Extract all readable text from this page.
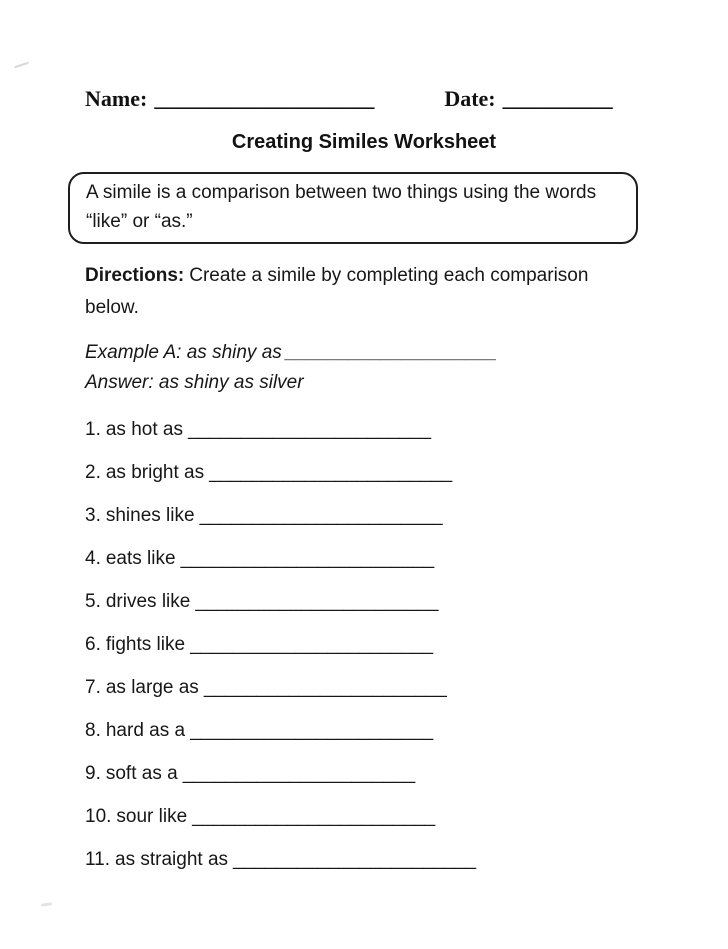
Name: ____________________	Date: __________
Creating Similes Worksheet
A simile is a comparison between two things using the words “like” or “as.”
Directions: Create a simile by completing each comparison below.
Example A: as shiny as ____________________
Answer: as shiny as silver
1. as hot as _______________________
2. as bright as _______________________
3. shines like _______________________
4. eats like ________________________
5. drives like _______________________
6. fights like _______________________
7. as large as _______________________
8. hard as a _______________________
9. soft as a ______________________
10. sour like _______________________
11. as straight as _______________________
